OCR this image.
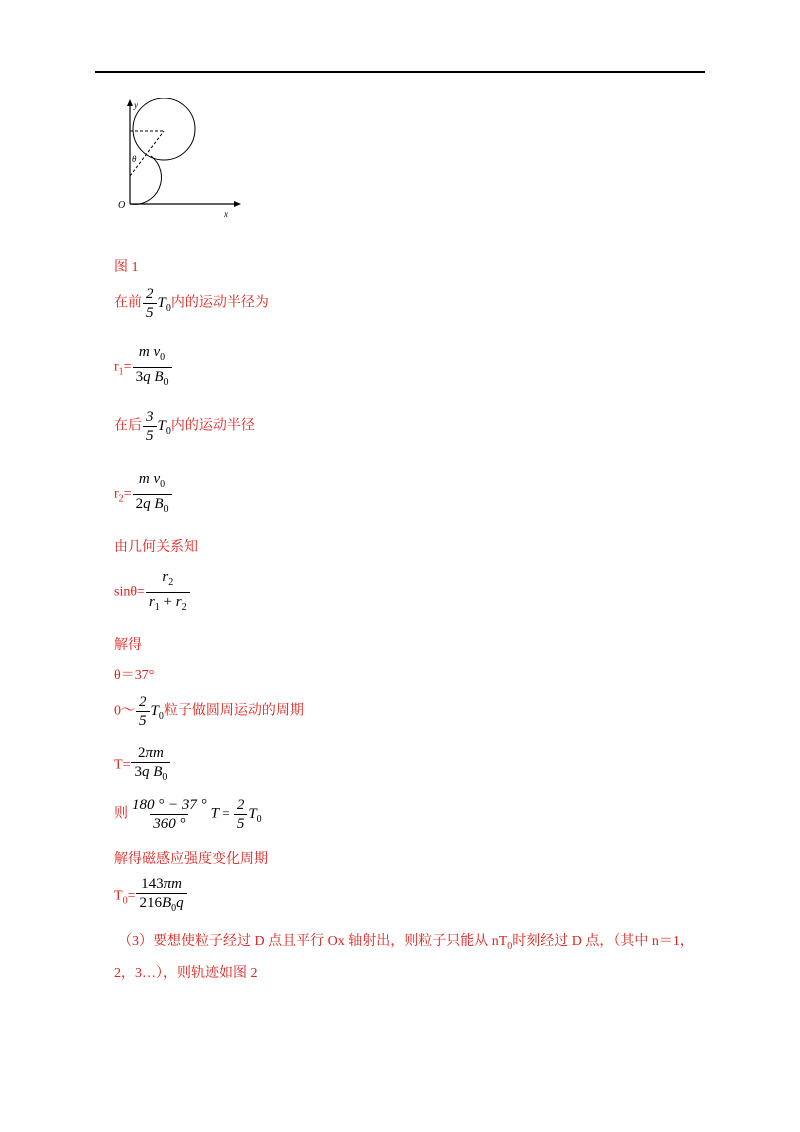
y
x
O
θ
图 1
在前 $\frac{2}{5} T_0$内的运动半径为
$r_1= \frac{m v_0}{3q B_0}$
在后 $\frac{3}{5} T_0$内的运动半径
$r_2= \frac{m v_0}{2q B_0}$
由几何关系知
$\sin\theta= \frac{r_2}{r_1 + r_2}$
解得
θ＝37°
0～ $\frac{2}{5} T_0$粒子做圆周运动的周期
$T= \frac{2\pi m}{3q B_0}$
则 $\frac{180 ^\circ - 37 ^\circ}{360 ^\circ}$ $T = \frac{2}{5} T_0$
解得磁感应强度变化周期
$T_0= \frac{143\pi m}{216B_0q}$
（3）要想使粒子经过 D 点且平行 Ox 轴射出，则粒子只能从 $nT_0$时刻经过 D 点，（其中 n＝1，
2，3…），则轨迹如图 2
